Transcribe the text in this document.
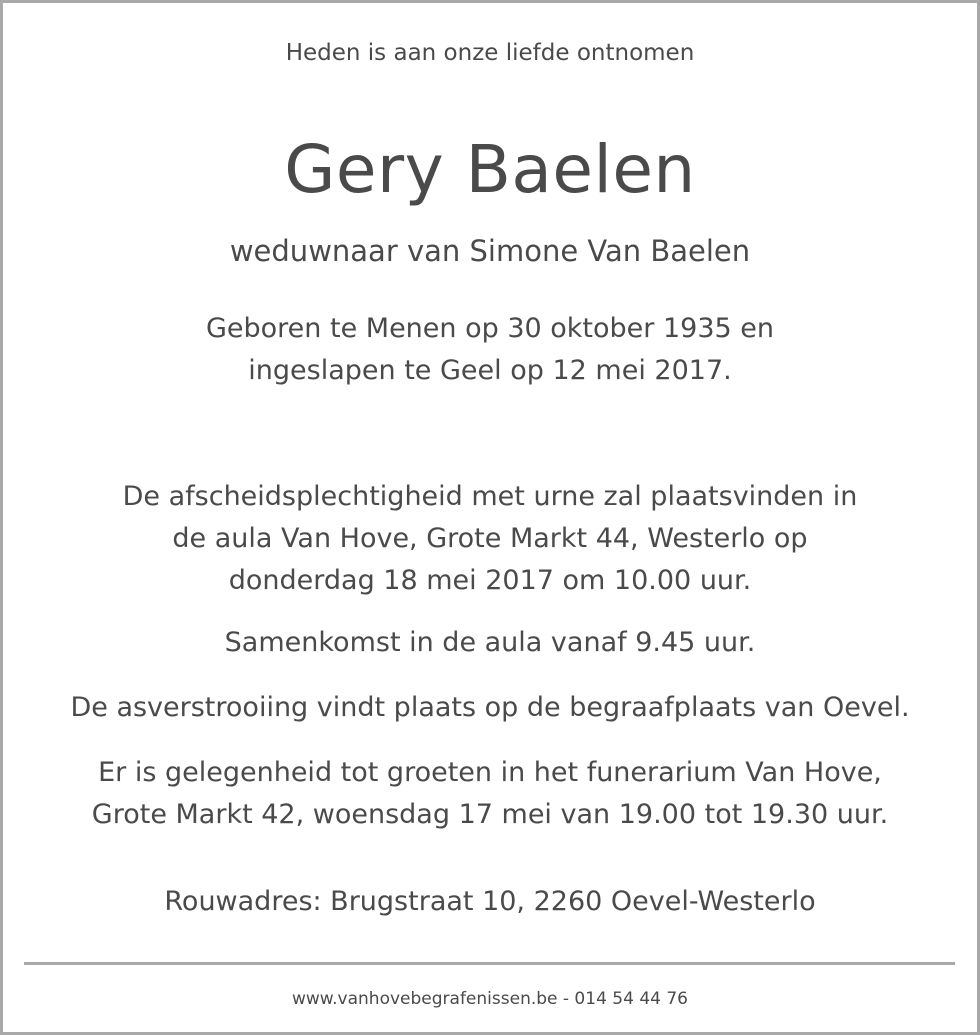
Heden is aan onze liefde ontnomen

Gery Baelen

weduwnaar van Simone Van Baelen

Geboren te Menen op 30 oktober 1935 en
ingeslapen te Geel op 12 mei 2017.
De afscheidsplechtigheid met urne zal plaatsvinden in
de aula Van Hove, Grote Markt 44, Westerlo op
donderdag 18 mei 2017 om 10.00 uur.

Samenkomst in de aula vanaf 9.45 uur.

De asverstrooiing vindt plaats op de begraafplaats van Oevel.

Er is gelegenheid tot groeten in het funerarium Van Hove,
Grote Markt 42, woensdag 17 mei van 19.00 tot 19.30 uur.

Rouwadres: Brugstraat 10, 2260 Oevel-Westerlo

www.vanhovebegrafenissen.be - 014 54 44 76
